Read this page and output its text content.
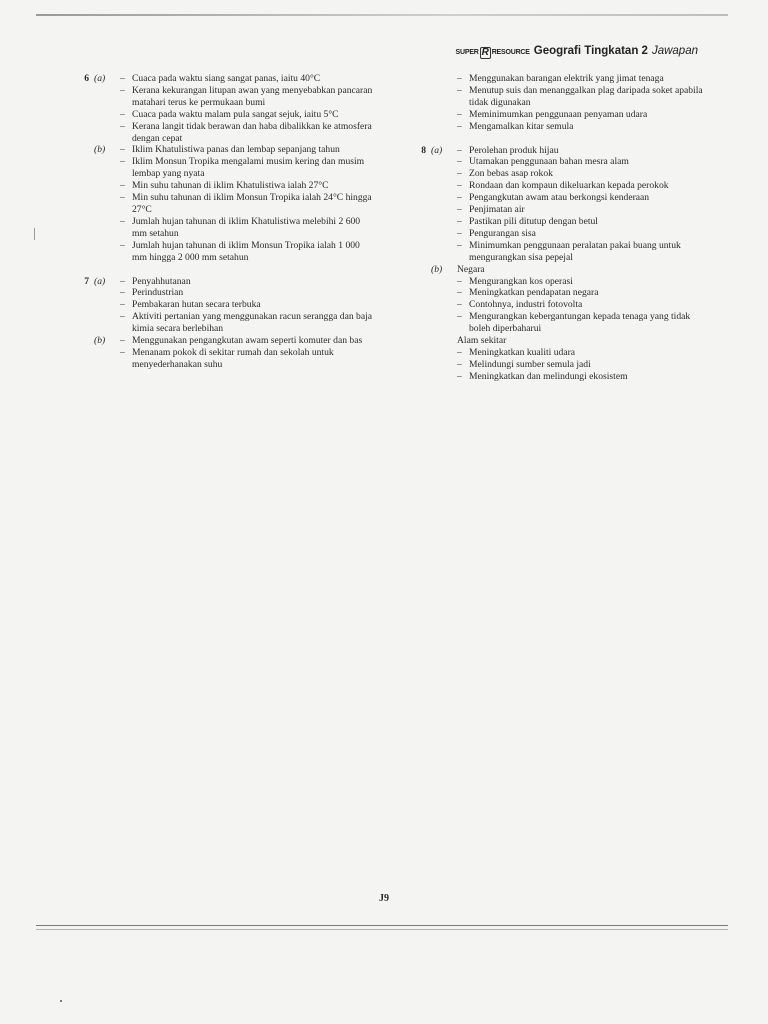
SUPER R RESOURCE Geografi Tingkatan 2 Jawapan
6 (a)	– Cuaca pada waktu siang sangat panas, iaitu 40°C
– Kerana kekurangan litupan awan yang menyebabkan pancaran matahari terus ke permukaan bumi
– Cuaca pada waktu malam pula sangat sejuk, iaitu 5°C
– Kerana langit tidak berawan dan haba dibalikkan ke atmosfera dengan cepat
(b)	– Iklim Khatulistiwa panas dan lembap sepanjang tahun
– Iklim Monsun Tropika mengalami musim kering dan musim lembap yang nyata
– Min suhu tahunan di iklim Khatulistiwa ialah 27°C
– Min suhu tahunan di iklim Monsun Tropika ialah 24°C hingga 27°C
– Jumlah hujan tahunan di iklim Khatulistiwa melebihi 2 600 mm setahun
– Jumlah hujan tahunan di iklim Monsun Tropika ialah 1 000 mm hingga 2 000 mm setahun
7 (a)	– Penyahhutanan
– Perindustrian
– Pembakaran hutan secara terbuka
– Aktiviti pertanian yang menggunakan racun serangga dan baja kimia secara berlebihan
(b)	– Menggunakan pengangkutan awam seperti komuter dan bas
– Menanam pokok di sekitar rumah dan sekolah untuk menyederhanakan suhu
– Menggunakan barangan elektrik yang jimat tenaga
– Menutup suis dan menanggalkan plag daripada soket apabila tidak digunakan
– Meminimumkan penggunaan penyaman udara
– Mengamalkan kitar semula
8 (a)	– Perolehan produk hijau
– Utamakan penggunaan bahan mesra alam
– Zon bebas asap rokok
– Rondaan dan kompaun dikeluarkan kepada perokok
– Pengangkutan awam atau berkongsi kenderaan
– Penjimatan air
– Pastikan pili ditutup dengan betul
– Pengurangan sisa
– Minimumkan penggunaan peralatan pakai buang untuk mengurangkan sisa pepejal
(b)	Negara
– Mengurangkan kos operasi
– Meningkatkan pendapatan negara
– Contohnya, industri fotovolta
– Mengurangkan kebergantungan kepada tenaga yang tidak boleh diperbaharui
Alam sekitar
– Meningkatkan kualiti udara
– Melindungi sumber semula jadi
– Meningkatkan dan melindungi ekosistem
J9
